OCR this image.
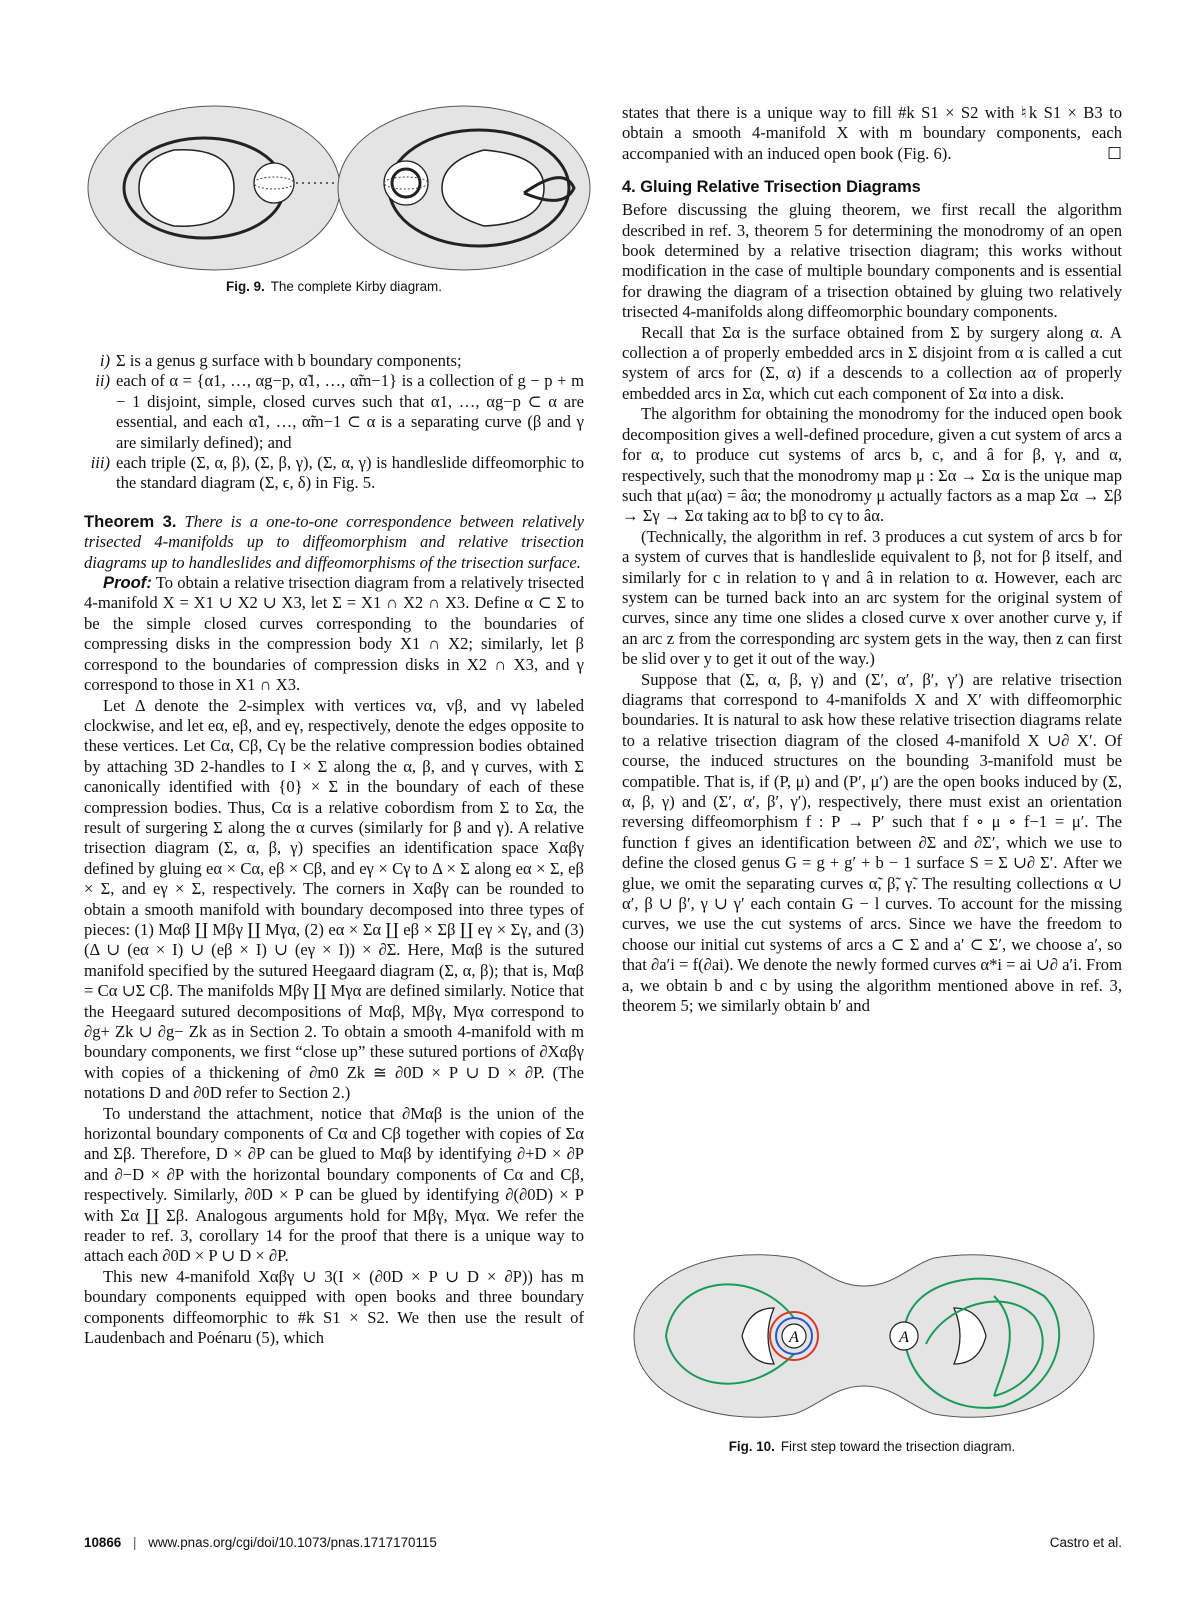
Fig. 9. The complete Kirby diagram.
i) Σ is a genus g surface with b boundary components;
ii) each of α = {α1, …, αg−p, α̃1, …, α̃m−1} is a collection of g − p + m − 1 disjoint, simple, closed curves such that α1, …, αg−p ⊂ α are essential, and each α̃1, …, α̃m−1 ⊂ α is a separating curve (β and γ are similarly defined); and
iii) each triple (Σ, α, β), (Σ, β, γ), (Σ, α, γ) is handleslide diffeomorphic to the standard diagram (Σ, ϵ, δ) in Fig. 5.

Theorem 3. There is a one-to-one correspondence between relatively trisected 4-manifolds up to diffeomorphism and relative trisection diagrams up to handleslides and diffeomorphisms of the trisection surface.

Proof: To obtain a relative trisection diagram from a relatively trisected 4-manifold X = X1 ∪ X2 ∪ X3, let Σ = X1 ∩ X2 ∩ X3. Define α ⊂ Σ to be the simple closed curves corresponding to the boundaries of compressing disks in the compression body X1 ∩ X2; similarly, let β correspond to the boundaries of compression disks in X2 ∩ X3, and γ correspond to those in X1 ∩ X3.

Let Δ denote the 2-simplex with vertices vα, vβ, and vγ labeled clockwise, and let eα, eβ, and eγ, respectively, denote the edges opposite to these vertices. Let Cα, Cβ, Cγ be the relative compression bodies obtained by attaching 3D 2-handles to I × Σ along the α, β, and γ curves, with Σ canonically identified with {0} × Σ in the boundary of each of these compression bodies. Thus, Cα is a relative cobordism from Σ to Σα, the result of surgering Σ along the α curves (similarly for β and γ). A relative trisection diagram (Σ, α, β, γ) specifies an identification space Xαβγ defined by gluing eα × Cα, eβ × Cβ, and eγ × Cγ to Δ × Σ along eα × Σ, eβ × Σ, and eγ × Σ, respectively. The corners in Xαβγ can be rounded to obtain a smooth manifold with boundary decomposed into three types of pieces: (1) Mαβ ∐ Mβγ ∐ Mγα, (2) eα × Σα ∐ eβ × Σβ ∐ eγ × Σγ, and (3) (Δ ∪ (eα × I) ∪ (eβ × I) ∪ (eγ × I)) × ∂Σ. Here, Mαβ is the sutured manifold specified by the sutured Heegaard diagram (Σ, α, β); that is, Mαβ = Cα ∪Σ Cβ. The manifolds Mβγ ∐ Mγα are defined similarly. Notice that the Heegaard sutured decompositions of Mαβ, Mβγ, Mγα correspond to ∂g+ Zk ∪ ∂g− Zk as in Section 2. To obtain a smooth 4-manifold with m boundary components, we first “close up” these sutured portions of ∂Xαβγ with copies of a thickening of ∂m0 Zk ≅ ∂0D × P ∪ D × ∂P. (The notations D and ∂0D refer to Section 2.)

To understand the attachment, notice that ∂Mαβ is the union of the horizontal boundary components of Cα and Cβ together with copies of Σα and Σβ. Therefore, D × ∂P can be glued to Mαβ by identifying ∂+D × ∂P and ∂−D × ∂P with the horizontal boundary components of Cα and Cβ, respectively. Similarly, ∂0D × P can be glued by identifying ∂(∂0D) × P with Σα ∐ Σβ. Analogous arguments hold for Mβγ, Mγα. We refer the reader to ref. 3, corollary 14 for the proof that there is a unique way to attach each ∂0D × P ∪ D × ∂P.

This new 4-manifold Xαβγ ∪ 3(I × (∂0D × P ∪ D × ∂P)) has m boundary components equipped with open books and three boundary components diffeomorphic to #k S1 × S2. We then use the result of Laudenbach and Poénaru (5), which

states that there is a unique way to fill #k S1 × S2 with ♮k S1 × B3 to obtain a smooth 4-manifold X with m boundary components, each accompanied with an induced open book (Fig. 6).	☐

4. Gluing Relative Trisection Diagrams

Before discussing the gluing theorem, we first recall the algorithm described in ref. 3, theorem 5 for determining the monodromy of an open book determined by a relative trisection diagram; this works without modification in the case of multiple boundary components and is essential for drawing the diagram of a trisection obtained by gluing two relatively trisected 4-manifolds along diffeomorphic boundary components.

Recall that Σα is the surface obtained from Σ by surgery along α. A collection a of properly embedded arcs in Σ disjoint from α is called a cut system of arcs for (Σ, α) if a descends to a collection aα of properly embedded arcs in Σα, which cut each component of Σα into a disk.

The algorithm for obtaining the monodromy for the induced open book decomposition gives a well-defined procedure, given a cut system of arcs a for α, to produce cut systems of arcs b, c, and â for β, γ, and α, respectively, such that the monodromy map μ : Σα → Σα is the unique map such that μ(aα) = âα; the monodromy μ actually factors as a map Σα → Σβ → Σγ → Σα taking aα to bβ to cγ to âα.

(Technically, the algorithm in ref. 3 produces a cut system of arcs b for a system of curves that is handleslide equivalent to β, not for β itself, and similarly for c in relation to γ and â in relation to α. However, each arc system can be turned back into an arc system for the original system of curves, since any time one slides a closed curve x over another curve y, if an arc z from the corresponding arc system gets in the way, then z can first be slid over y to get it out of the way.)

Suppose that (Σ, α, β, γ) and (Σ′, α′, β′, γ′) are relative trisection diagrams that correspond to 4-manifolds X and X′ with diffeomorphic boundaries. It is natural to ask how these relative trisection diagrams relate to a relative trisection diagram of the closed 4-manifold X ∪∂ X′. Of course, the induced structures on the bounding 3-manifold must be compatible. That is, if (P, μ) and (P′, μ′) are the open books induced by (Σ, α, β, γ) and (Σ′, α′, β′, γ′), respectively, there must exist an orientation reversing diffeomorphism f : P → P′ such that f ∘ μ ∘ f−1 = μ′. The function f gives an identification between ∂Σ and ∂Σ′, which we use to define the closed genus G = g + g′ + b − 1 surface S = Σ ∪∂ Σ′. After we glue, we omit the separating curves α̃, β̃, γ̃. The resulting collections α ∪ α′, β ∪ β′, γ ∪ γ′ each contain G − l curves. To account for the missing curves, we use the cut systems of arcs. Since we have the freedom to choose our initial cut systems of arcs a ⊂ Σ and a′ ⊂ Σ′, we choose a′, so that ∂a′i = f(∂ai). We denote the newly formed curves α*i = ai ∪∂ a′i. From a, we obtain b and c by using the algorithm mentioned above in ref. 3, theorem 5; we similarly obtain b′ and

A	A
Fig. 10. First step toward the trisection diagram.
10866 | www.pnas.org/cgi/doi/10.1073/pnas.1717170115	Castro et al.
